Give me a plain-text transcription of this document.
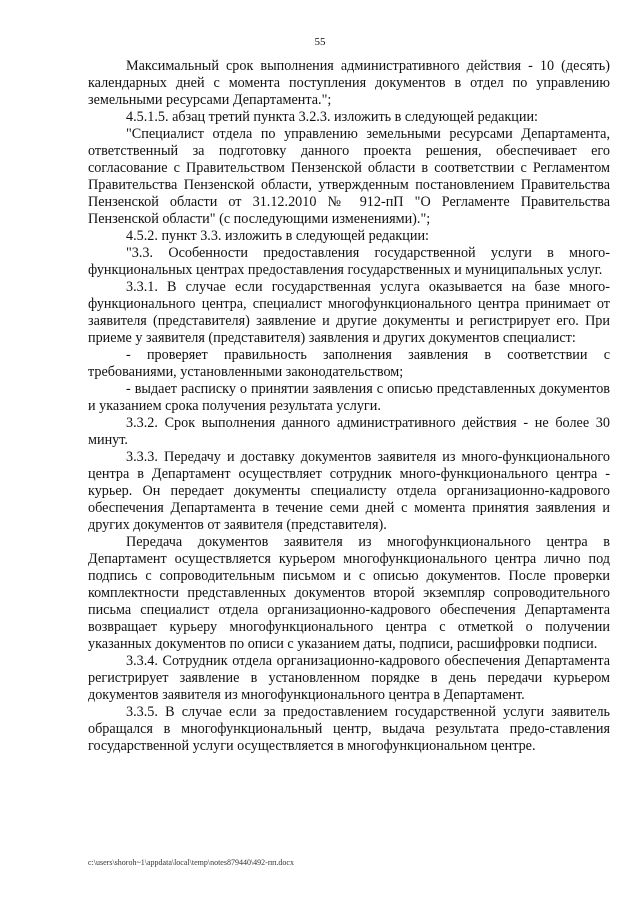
55

Максимальный срок выполнения административного действия - 10 (десять) календарных дней с момента поступления документов в отдел по управлению земельными ресурсами Департамента.";

4.5.1.5. абзац третий пункта 3.2.3. изложить в следующей редакции:

"Специалист отдела по управлению земельными ресурсами Департамента, ответственный за подготовку данного проекта решения, обеспечивает его согласование с Правительством Пензенской области в соответствии с Регламентом Правительства Пензенской области, утвержденным постановлением Правительства Пензенской области от 31.12.2010 № 912-пП "О Регламенте Правительства Пензенской области" (с последующими изменениями).";

4.5.2. пункт 3.3. изложить в следующей редакции:

"3.3. Особенности предоставления государственной услуги в много-функциональных центрах предоставления государственных и муниципальных услуг.

3.3.1. В случае если государственная услуга оказывается на базе много-функционального центра, специалист многофункционального центра принимает от заявителя (представителя) заявление и другие документы и регистрирует его. При приеме у заявителя (представителя) заявления и других документов специалист:

- проверяет правильность заполнения заявления в соответствии с требованиями, установленными законодательством;

- выдает расписку о принятии заявления с описью представленных документов и указанием срока получения результата услуги.

3.3.2. Срок выполнения данного административного действия - не более 30 минут.

3.3.3. Передачу и доставку документов заявителя из много-функционального центра в Департамент осуществляет сотрудник много-функционального центра - курьер. Он передает документы специалисту отдела организационно-кадрового обеспечения Департамента в течение семи дней с момента принятия заявления и других документов от заявителя (представителя).

Передача документов заявителя из многофункционального центра в Департамент осуществляется курьером многофункционального центра лично под подпись с сопроводительным письмом и с описью документов. После проверки комплектности представленных документов второй экземпляр сопроводительного письма специалист отдела организационно-кадрового обеспечения Департамента возвращает курьеру многофункционального центра с отметкой о получении указанных документов по описи с указанием даты, подписи, расшифровки подписи.

3.3.4. Сотрудник отдела организационно-кадрового обеспечения Департамента регистрирует заявление в установленном порядке в день передачи курьером документов заявителя из многофункционального центра в Департамент.

3.3.5. В случае если за предоставлением государственной услуги заявитель обращался в многофункциональный центр, выдача результата предо-ставления государственной услуги осуществляется в многофункциональном центре.

c:\users\shoroh~1\appdata\local\temp\notes879440\492-пп.docx
